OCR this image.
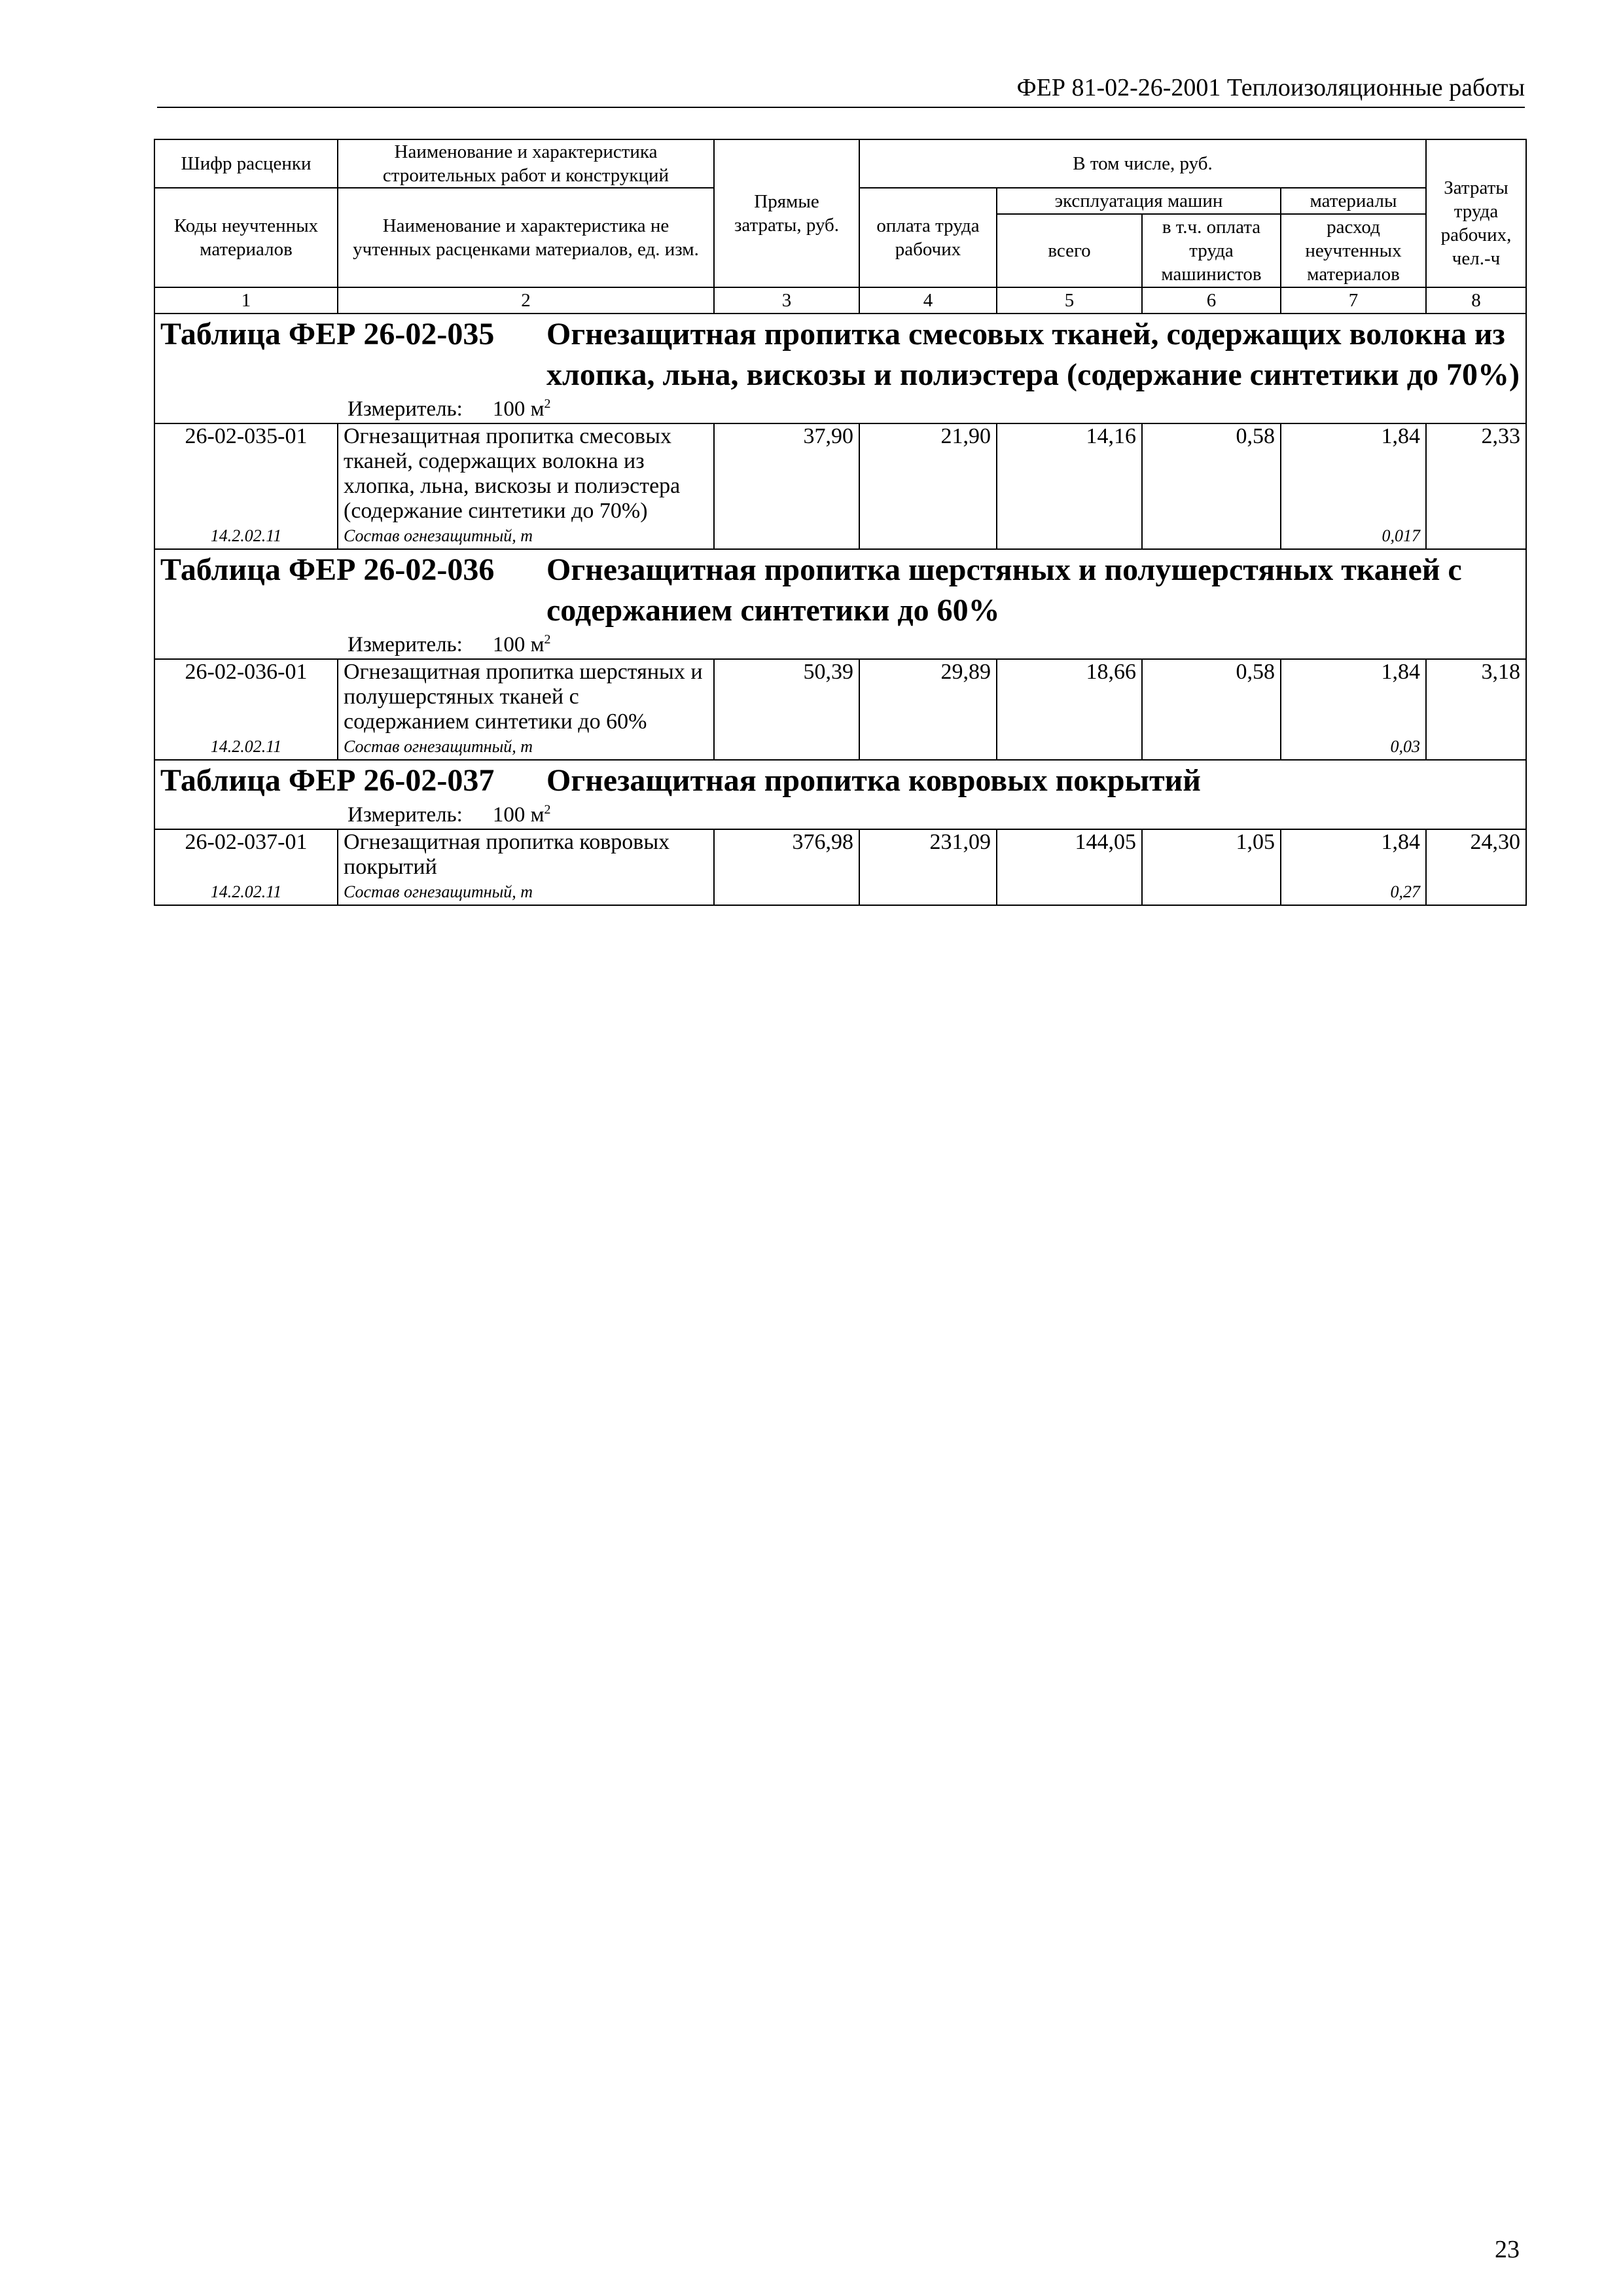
ФЕР 81-02-26-2001 Теплоизоляционные работы
Шифр расценки	Наименование и характеристика строительных работ и конструкций	Прямые затраты, руб.	В том числе, руб.				Затраты труда рабочих, чел.-ч
Коды неучтенных материалов	Наименование и характеристика не учтенных расценками материалов, ед. изм.		оплата труда рабочих	эксплуатация машин		материалы	
				всего	в т.ч. оплата труда машинистов	расход неучтенных материалов	
1	2	3	4	5	6	7	8

Таблица ФЕР 26-02-035 Огнезащитная пропитка смесовых тканей, содержащих волокна из хлопка, льна, вискозы и полиэстера (содержание синтетики до 70%)
Измеритель: 100 $м^2$

26-02-035-01	Огнезащитная пропитка смесовых тканей, содержащих волокна из хлопка, льна, вискозы и полиэстера (содержание синтетики до 70%)	37,90	21,90	14,16	0,58	1,84	2,33
14.2.02.11	Состав огнезащитный, т					0,017	

Таблица ФЕР 26-02-036 Огнезащитная пропитка шерстяных и полушерстяных тканей с содержанием синтетики до 60%
Измеритель: 100 $м^2$

26-02-036-01	Огнезащитная пропитка шерстяных и полушерстяных тканей с содержанием синтетики до 60%	50,39	29,89	18,66	0,58	1,84	3,18
14.2.02.11	Состав огнезащитный, т					0,03	

Таблица ФЕР 26-02-037 Огнезащитная пропитка ковровых покрытий
Измеритель: 100 $м^2$

26-02-037-01	Огнезащитная пропитка ковровых покрытий	376,98	231,09	144,05	1,05	1,84	24,30
14.2.02.11	Состав огнезащитный, т					0,27	
23
